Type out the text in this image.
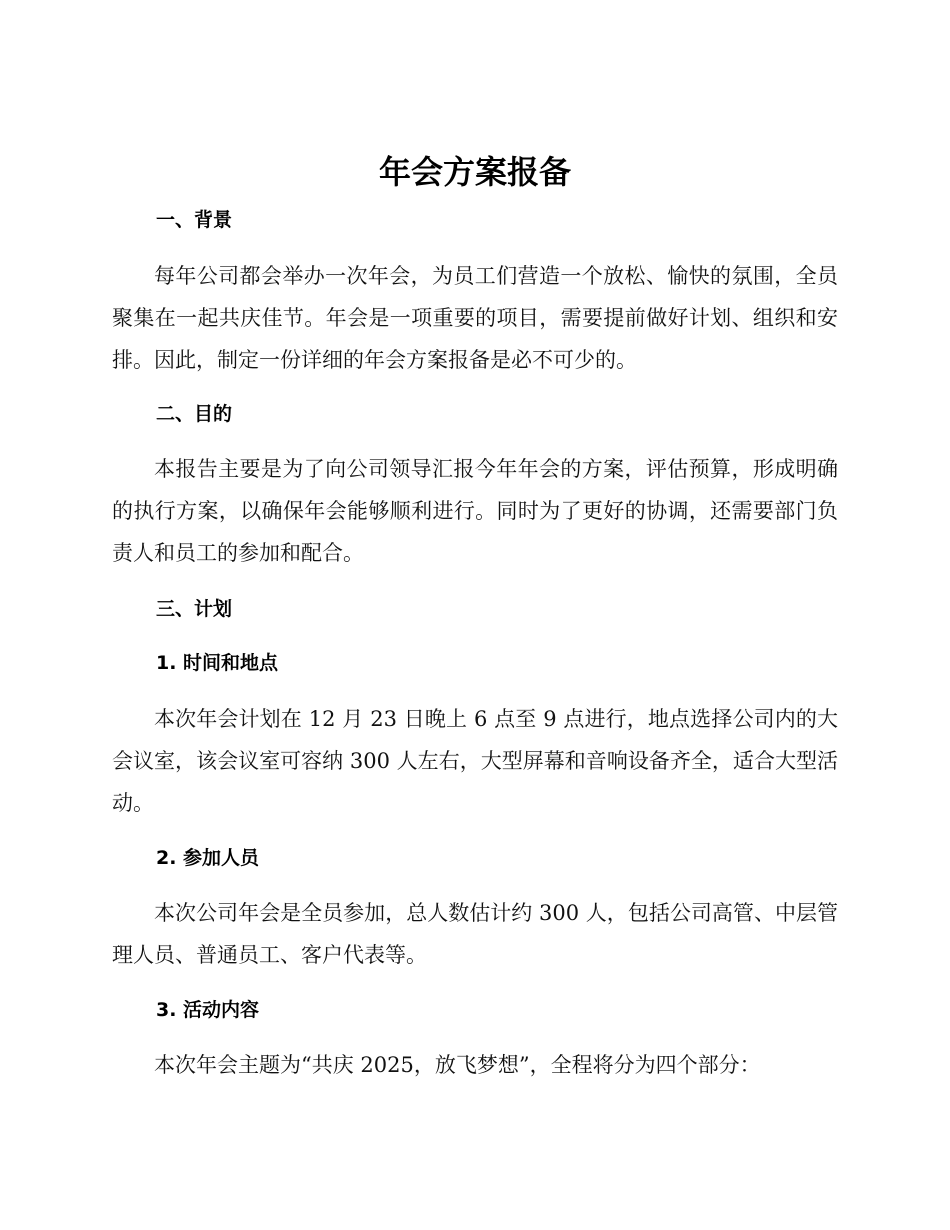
年会方案报备
一、背景

每年公司都会举办一次年会，为员工们营造一个放松、愉快的氛围，全员聚集在一起共庆佳节。年会是一项重要的项目，需要提前做好计划、组织和安排。因此，制定一份详细的年会方案报备是必不可少的。

二、目的

本报告主要是为了向公司领导汇报今年年会的方案，评估预算，形成明确的执行方案，以确保年会能够顺利进行。同时为了更好的协调，还需要部门负责人和员工的参加和配合。

三、计划
1. 时间和地点

本次年会计划在 12 月 23 日晚上 6 点至 9 点进行，地点选择公司内的大会议室，该会议室可容纳 300 人左右，大型屏幕和音响设备齐全，适合大型活动。

2. 参加人员

本次公司年会是全员参加，总人数估计约 300 人，包括公司高管、中层管理人员、普通员工、客户代表等。

3. 活动内容

本次年会主题为“共庆 2025，放飞梦想”，全程将分为四个部分：
